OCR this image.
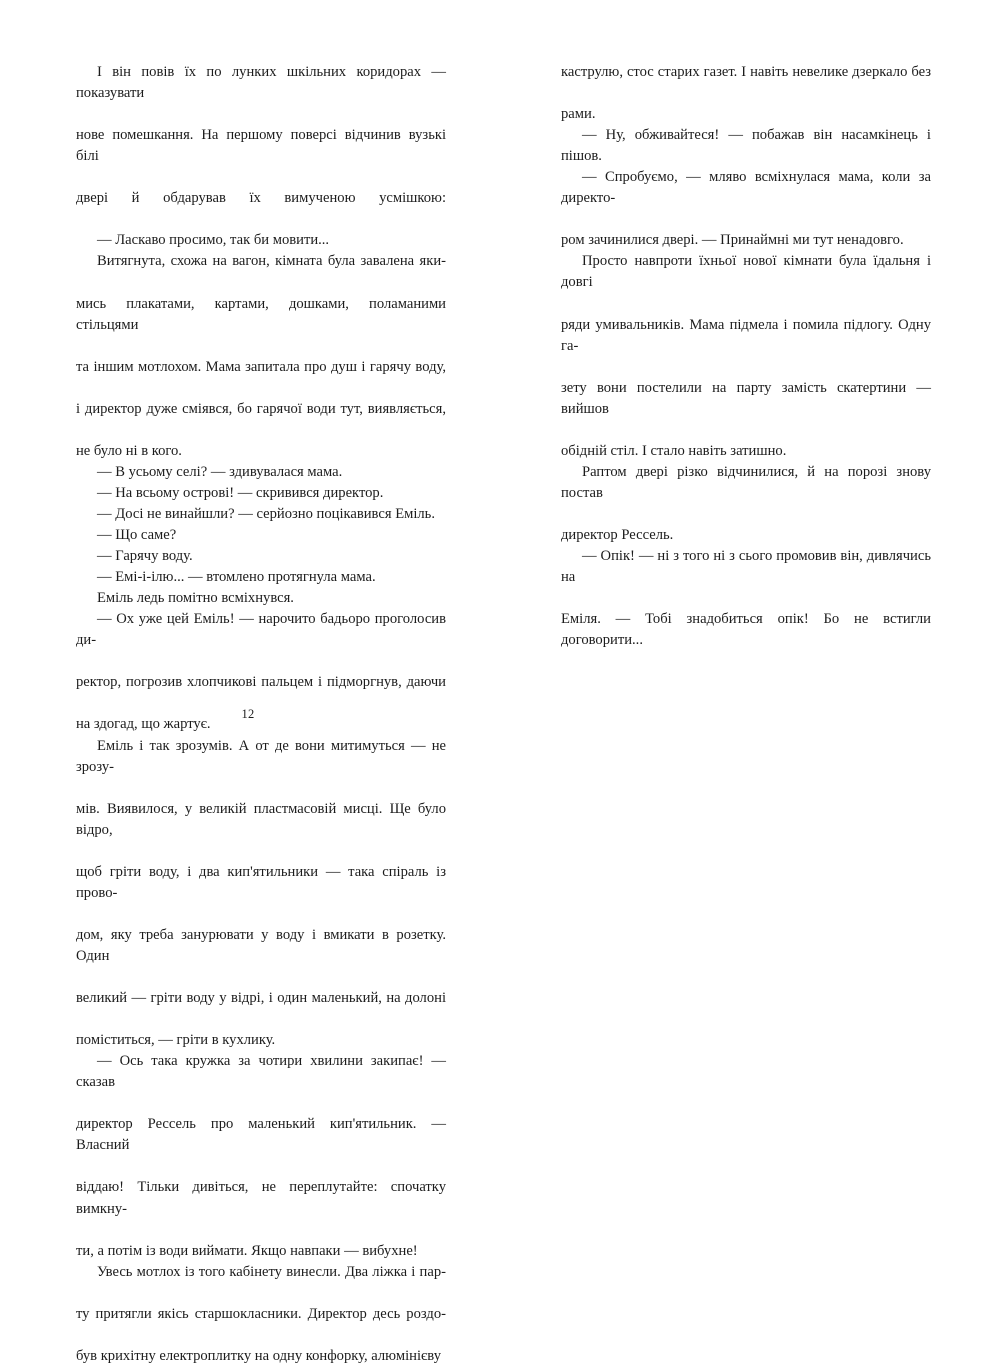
I він повів їх по лунких шкільних коридорах — показувати
нове помешкання. На першому поверсі відчинив вузькі білі
двері й обдарував їх вимученою усмішкою:
— Ласкаво просимо, так би мовити...
Витягнута, схожа на вагон, кімната була завалена яки-
мись плакатами, картами, дошками, поламаними стільцями
та іншим мотлохом. Мама запитала про душ і гарячу воду,
і директор дуже сміявся, бо гарячої води тут, виявляється,
не було ні в кого.
— В усьому селі? — здивувалася мама.
— На всьому острові! — скривився директор.
— Досі не винайшли? — серйозно поцікавився Еміль.
— Що саме?
— Гарячу воду.
— Емі-і-ілю... — втомлено протягнула мама.
Еміль ледь помітно всміхнувся.
— Ох уже цей Еміль! — нарочито бадьоро проголосив ди-
ректор, погрозив хлопчикові пальцем і підморгнув, даючи
на здогад, що жартує.
Еміль і так зрозумів. А от де вони митимуться — не зрозу-
мів. Виявилося, у великій пластмасовій мисці. Ще було відро,
щоб гріти воду, і два кип'ятильники — така спіраль із прово-
дом, яку треба занурювати у воду і вмикати в розетку. Один
великий — гріти воду у відрі, і один маленький, на долоні
поміститься, — гріти в кухлику.
— Ось така кружка за чотири хвилини закипає! — сказав
директор Рессель про маленький кип'ятильник. — Власний
віддаю! Тільки дивіться, не переплутайте: спочатку вимкну-
ти, а потім із води виймати. Якщо навпаки — вибухне!
Увесь мотлох із того кабінету винесли. Два ліжка і пар-
ту притягли якісь старшокласники. Директор десь роздо-
був крихітну електроплитку на одну конфорку, алюмінієву
12
каструлю, стос старих газет. І навіть невелике дзеркало без
рами.
— Ну, обживайтеся! — побажав він насамкінець і пішов.
— Спробуємо, — мляво всміхнулася мама, коли за директо-
ром зачинилися двері. — Принаймні ми тут ненадовго.
Просто навпроти їхньої нової кімнати була їдальня і довгі
ряди умивальників. Мама підмела і помила підлогу. Одну га-
зету вони постелили на парту замість скатертини — вийшов
обідній стіл. І стало навіть затишно.
Раптом двері різко відчинилися, й на порозі знову постав
директор Рессель.
— Опік! — ні з того ні з сього промовив він, дивлячись на
Еміля. — Тобі знадобиться опік! Бо не встигли договорити...
